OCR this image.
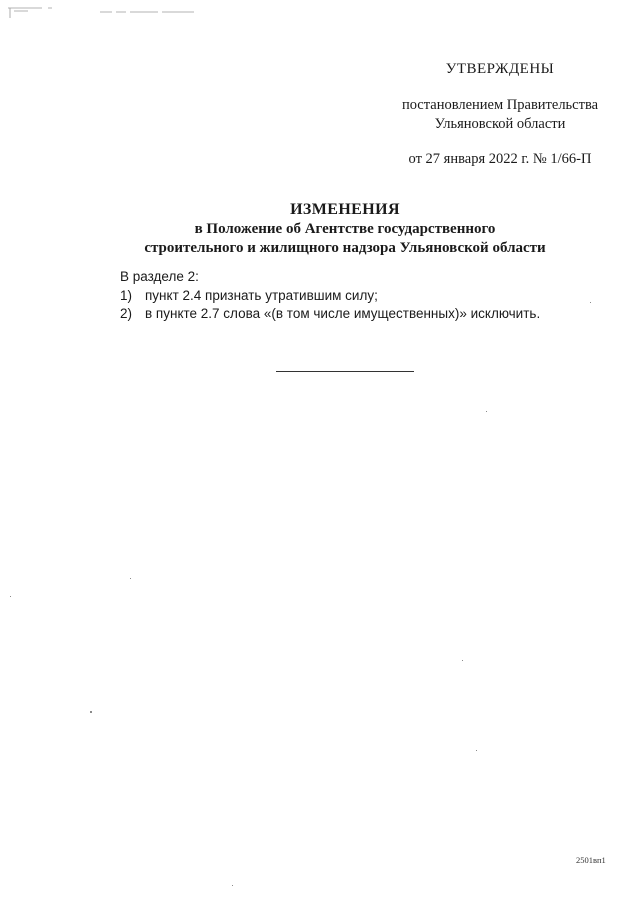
УТВЕРЖДЕНЫ
постановлением Правительства
Ульяновской области
от 27 января 2022 г. № 1/66-П
ИЗМЕНЕНИЯ
в Положение об Агентстве государственного
строительного и жилищного надзора Ульяновской области
В разделе 2:
1) пункт 2.4 признать утратившим силу;
2) в пункте 2.7 слова «(в том числе имущественных)» исключить.
2501вп1
